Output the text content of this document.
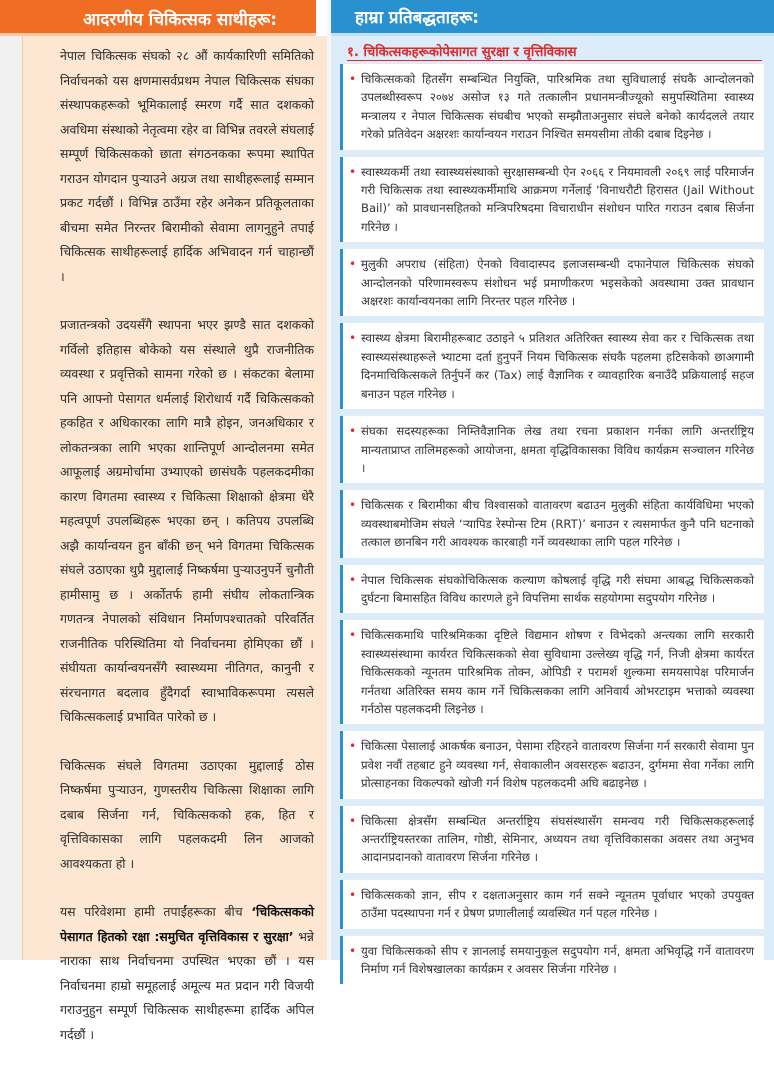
आदरणीय चिकित्सक साथीहरू:

नेपाल चिकित्सक संघको २८ औं कार्यकारिणी समितिको निर्वाचनको यस क्षणमासर्वप्रथम नेपाल चिकित्सक संघका संस्थापकहरूको भूमिकालाई स्मरण गर्दै सात दशकको अवधिमा संस्थाको नेतृत्वमा रहेर वा विभिन्न तवरले संघलाई सम्पूर्ण चिकित्सकको छाता संगठनकका रूपमा स्थापित गराउन योगदान पुर्‍याउने अग्रज तथा साथीहरूलाई सम्मान प्रकट गर्दछौं । विभिन्न ठाउँमा रहेर अनेकन प्रतिकूलताका बीचमा समेत निरन्तर बिरामीको सेवामा लागनुहुने तपाई चिकित्सक साथीहरूलाई हार्दिक अभिवादन गर्न चाहान्छौं ।

प्रजातन्त्रको उदयसँगै स्थापना भएर झण्डै सात दशकको गर्विलो इतिहास बोकेको यस संस्थाले थुप्रै राजनीतिक व्यवस्था र प्रवृत्तिको सामना गरेको छ । संकटका बेलामा पनि आफ्नो पेसागत धर्मलाई शिरोधार्य गर्दै चिकित्सकको हकहित र अधिकारका लागि मात्रै होइन, जनअधिकार र लोकतन्त्रका लागि भएका शान्तिपूर्ण आन्दोलनमा समेत आफूलाई अग्रमोर्चामा उभ्याएको छासंघकै पहलकदमीका कारण विगतमा स्वास्थ्य र चिकित्सा शिक्षाको क्षेत्रमा धेरै महत्वपूर्ण उपलब्धिहरू भएका छन् । कतिपय उपलब्धि अझै कार्यान्वयन हुन बाँकी छन् भने विगतमा चिकित्सक संघले उठाएका थुप्रै मुद्दालाई निष्कर्षमा पुर्‍याउनुपर्ने चुनौती हामीसामु छ । अर्कोतर्फ हामी संघीय लोकतान्त्रिक गणतन्त्र नेपालको संविधान निर्माणपश्चातको परिवर्तित राजनीतिक परिस्थितिमा यो निर्वाचनमा होमिएका छौं । संघीयता कार्यान्वयनसँगै स्वास्थ्यमा नीतिगत, कानुनी र संरचनागत बदलाव हुँदैगर्दा स्वाभाविकरूपमा त्यसले चिकित्सकलाई प्रभावित पारेको छ ।

चिकित्सक संघले विगतमा उठाएका मुद्दालाई ठोस निष्कर्षमा पुर्‍याउन, गुणस्तरीय चिकित्सा शिक्षाका लागि दबाब सिर्जना गर्न, चिकित्सकको हक, हित र वृत्तिविकासका लागि पहलकदमी लिन आजको आवश्यकता हो ।

यस परिवेशमा हामी तपाईंहरूका बीच ‘चिकित्सकको पेसागत हितको रक्षा :समुचित वृत्तिविकास र सुरक्षा’ भन्ने नाराका साथ निर्वाचनमा उपस्थित भएका छौं । यस निर्वाचनमा हाम्रो समूहलाई अमूल्य मत प्रदान गरी विजयी गराउनुहुन सम्पूर्ण चिकित्सक साथीहरूमा हार्दिक अपिल गर्दछौं ।

हाम्रा प्रतिबद्धताहरू:
१. चिकित्सकहरूकोपेसागत सुरक्षा र वृत्तिविकास
• चिकित्सकको हितसँग सम्बन्धित नियुक्ति, पारिश्रमिक तथा सुविधालाई संघकै आन्दोलनको उपलब्धीस्वरूप २०७४ असोज १३ गते तत्कालीन प्रधानमन्त्रीज्यूको समुपस्थितिमा स्वास्थ्य मन्त्रालय र नेपाल चिकित्सक संघबीच भएको सम्झौताअनुसार संघले बनेको कार्यदलले तयार गरेको प्रतिवेदन अक्षरशः कार्यान्वयन गराउन निश्चित समयसीमा तोकी दबाब दिइनेछ ।
• स्वास्थ्यकर्मी तथा स्वास्थ्यसंस्थाको सुरक्षासम्बन्धी ऐन २०६६ र नियमावली २०६९ लाई परिमार्जन गरी चिकित्सक तथा स्वास्थ्यकर्मीमाथि आक्रमण गर्नेलाई ‘विनाधरौटी हिरासत (Jail Without Bail)’ को प्रावधानसहितको मन्त्रिपरिषदमा विचाराधीन संशोधन पारित गराउन दबाब सिर्जना गरिनेछ ।
• मुलुकी अपराध (संहिता) ऐनको विवादास्पद इलाजसम्बन्धी दफानेपाल चिकित्सक संघको आन्दोलनको परिणामस्वरूप संशोधन भई प्रमाणीकरण भइसकेको अवस्थामा उक्त प्रावधान अक्षरशः कार्यान्वयनका लागि निरन्तर पहल गरिनेछ ।
• स्वास्थ्य क्षेत्रमा बिरामीहरूबाट उठाइने ५ प्रतिशत अतिरिक्त स्वास्थ्य सेवा कर र चिकित्सक तथा स्वास्थ्यसंस्थाहरूले भ्याटमा दर्ता हुनुपर्ने नियम चिकित्सक संघकै पहलमा हटिसकेको छाअगामी दिनमाचिकित्सकले तिर्नुपर्ने कर (Tax) लाई वैज्ञानिक र व्यावहारिक बनाउँदै प्रक्रियालाई सहज बनाउन पहल गरिनेछ ।
• संघका सदस्यहरूका निम्तिवैज्ञानिक लेख तथा रचना प्रकाशन गर्नका लागि अन्तर्राष्ट्रिय मान्यताप्राप्त तालिमहरूको आयोजना, क्षमता वृद्धिविकासका विविध कार्यक्रम सञ्चालन गरिनेछ ।
• चिकित्सक र बिरामीका बीच विश्वासको वातावरण बढाउन मुलुकी संहिता कार्यविधिमा भएको व्यवस्थाबमोजिम संघले ‘र्‍यापिड रेस्पोन्स टिम (RRT)’ बनाउन र त्यसमार्फत कुनै पनि घटनाको तत्काल छानबिन गरी आवश्यक कारबाही गर्ने व्यवस्थाका लागि पहल गरिनेछ ।
• नेपाल चिकित्सक संघकोचिकित्सक कल्याण कोषलाई वृद्धि गरी संघमा आबद्ध चिकित्सकको दुर्घटना बिमासहित विविध कारणले हुने विपत्तिमा सार्थक सहयोगमा सदुपयोग गरिनेछ ।
• चिकित्सकमाथि पारिश्रमिकका दृष्टिले विद्यमान शोषण र विभेदको अन्त्यका लागि सरकारी स्वास्थ्यसंस्थामा कार्यरत चिकित्सकको सेवा सुविधामा उल्लेख्य वृद्धि गर्न, निजी क्षेत्रमा कार्यरत चिकित्सकको न्यूनतम पारिश्रमिक तोक्न, ओपिडी र परामर्श शुल्कमा समयसापेक्ष परिमार्जन गर्नतथा अतिरिक्त समय काम गर्ने चिकित्सकका लागि अनिवार्य ओभरटाइम भत्ताको व्यवस्था गर्नठोस पहलकदमी लिइनेछ ।
• चिकित्सा पेसालाई आकर्षक बनाउन, पेसामा रहिरहने वातावरण सिर्जना गर्न सरकारी सेवामा पुन प्रवेश नवौं तहबाट हुने व्यवस्था गर्न, सेवाकालीन अवसरहरू बढाउन, दुर्गममा सेवा गर्नेका लागि प्रोत्साहनका विकल्पको खोजी गर्न विशेष पहलकदमी अघि बढाइनेछ ।
• चिकित्सा क्षेत्रसँग सम्बन्धित अन्तर्राष्ट्रिय संघसंस्थासँग समन्वय गरी चिकित्सकहरूलाई अन्तर्राष्ट्रियस्तरका तालिम, गोष्ठी, सेमिनार, अध्ययन तथा वृत्तिविकासका अवसर तथा अनुभव आदानप्रदानको वातावरण सिर्जना गरिनेछ ।
• चिकित्सकको ज्ञान, सीप र दक्षताअनुसार काम गर्न सक्ने न्यूनतम पूर्वाधार भएको उपयुक्त ठाउँमा पदस्थापना गर्न र प्रेषण प्रणालीलाई व्यवस्थित गर्न पहल गरिनेछ ।
• युवा चिकित्सकको सीप र ज्ञानलाई समयानुकूल सदुपयोग गर्न, क्षमता अभिवृद्धि गर्ने वातावरण निर्माण गर्न विशेषखालका कार्यक्रम र अवसर सिर्जना गरिनेछ ।
